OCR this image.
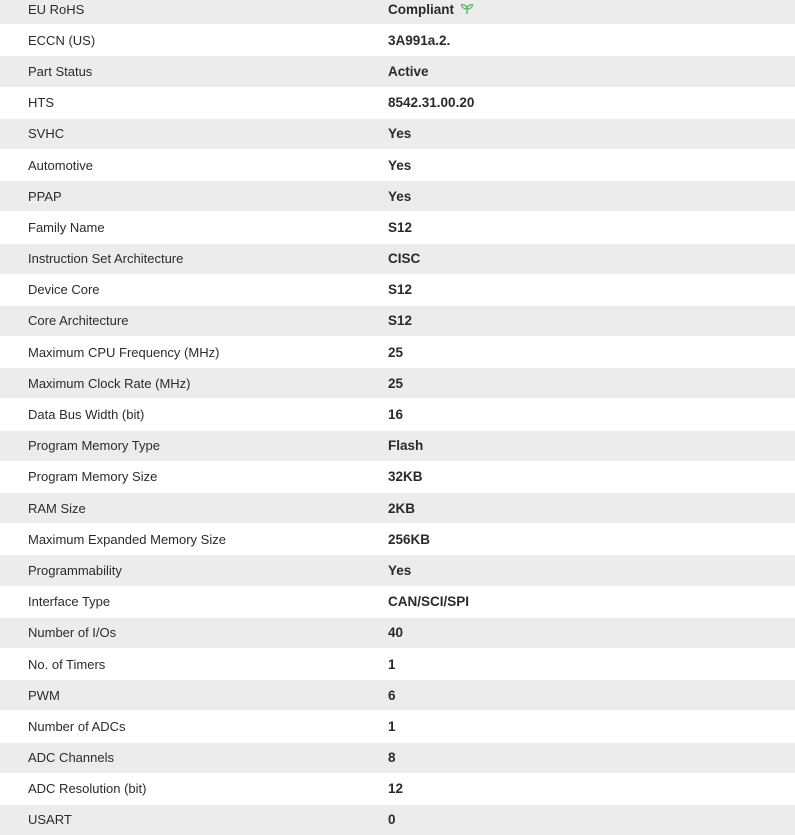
EU RoHS	Compliant
ECCN (US)	3A991a.2.
Part Status	Active
HTS	8542.31.00.20
SVHC	Yes
Automotive	Yes
PPAP	Yes
Family Name	S12
Instruction Set Architecture	CISC
Device Core	S12
Core Architecture	S12
Maximum CPU Frequency (MHz)	25
Maximum Clock Rate (MHz)	25
Data Bus Width (bit)	16
Program Memory Type	Flash
Program Memory Size	32KB
RAM Size	2KB
Maximum Expanded Memory Size	256KB
Programmability	Yes
Interface Type	CAN/SCI/SPI
Number of I/Os	40
No. of Timers	1
PWM	6
Number of ADCs	1
ADC Channels	8
ADC Resolution (bit)	12
USART	0
